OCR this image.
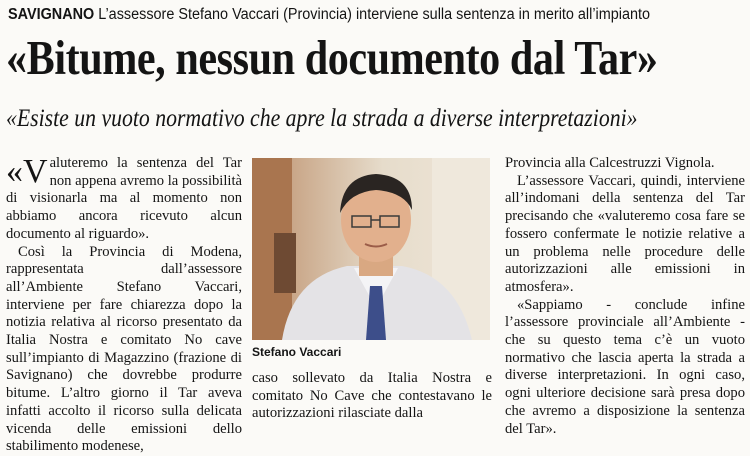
SAVIGNANO L’assessore Stefano Vaccari (Provincia) interviene sulla sentenza in merito all’impianto
«Bitume, nessun documento dal Tar»
«Esiste un vuoto normativo che apre la strada a diverse interpretazioni»

«Valuteremo la sentenza del Tar non appena avremo la possibilità di visionarla ma al momento non abbiamo ancora ricevuto alcun documento al riguardo».

Così la Provincia di Modena, rappresentata dall’assessore all’Ambiente Stefano Vaccari, interviene per fare chiarezza dopo la notizia relativa al ricorso presentato da Italia Nostra e comitato No cave sull’impianto di Magazzino (frazione di Savignano) che dovrebbe produrre bitume. L’altro giorno il Tar aveva infatti accolto il ricorso sulla delicata vicenda delle emissioni dello stabilimento modenese,

Stefano Vaccari

caso sollevato da Italia Nostra e comitato No Cave che contestavano le autorizzazioni rilasciate dalla

Provincia alla Calcestruzzi Vignola.

L’assessore Vaccari, quindi, interviene all’indomani della sentenza del Tar precisando che «valuteremo cosa fare se fossero confermate le notizie relative a un problema nelle procedure delle autorizzazioni alle emissioni in atmosfera».

«Sappiamo - conclude infine l’assessore provinciale all’Ambiente - che su questo tema c’è un vuoto normativo che lascia aperta la strada a diverse interpretazioni. In ogni caso, ogni ulteriore decisione sarà presa dopo che avremo a disposizione la sentenza del Tar».
